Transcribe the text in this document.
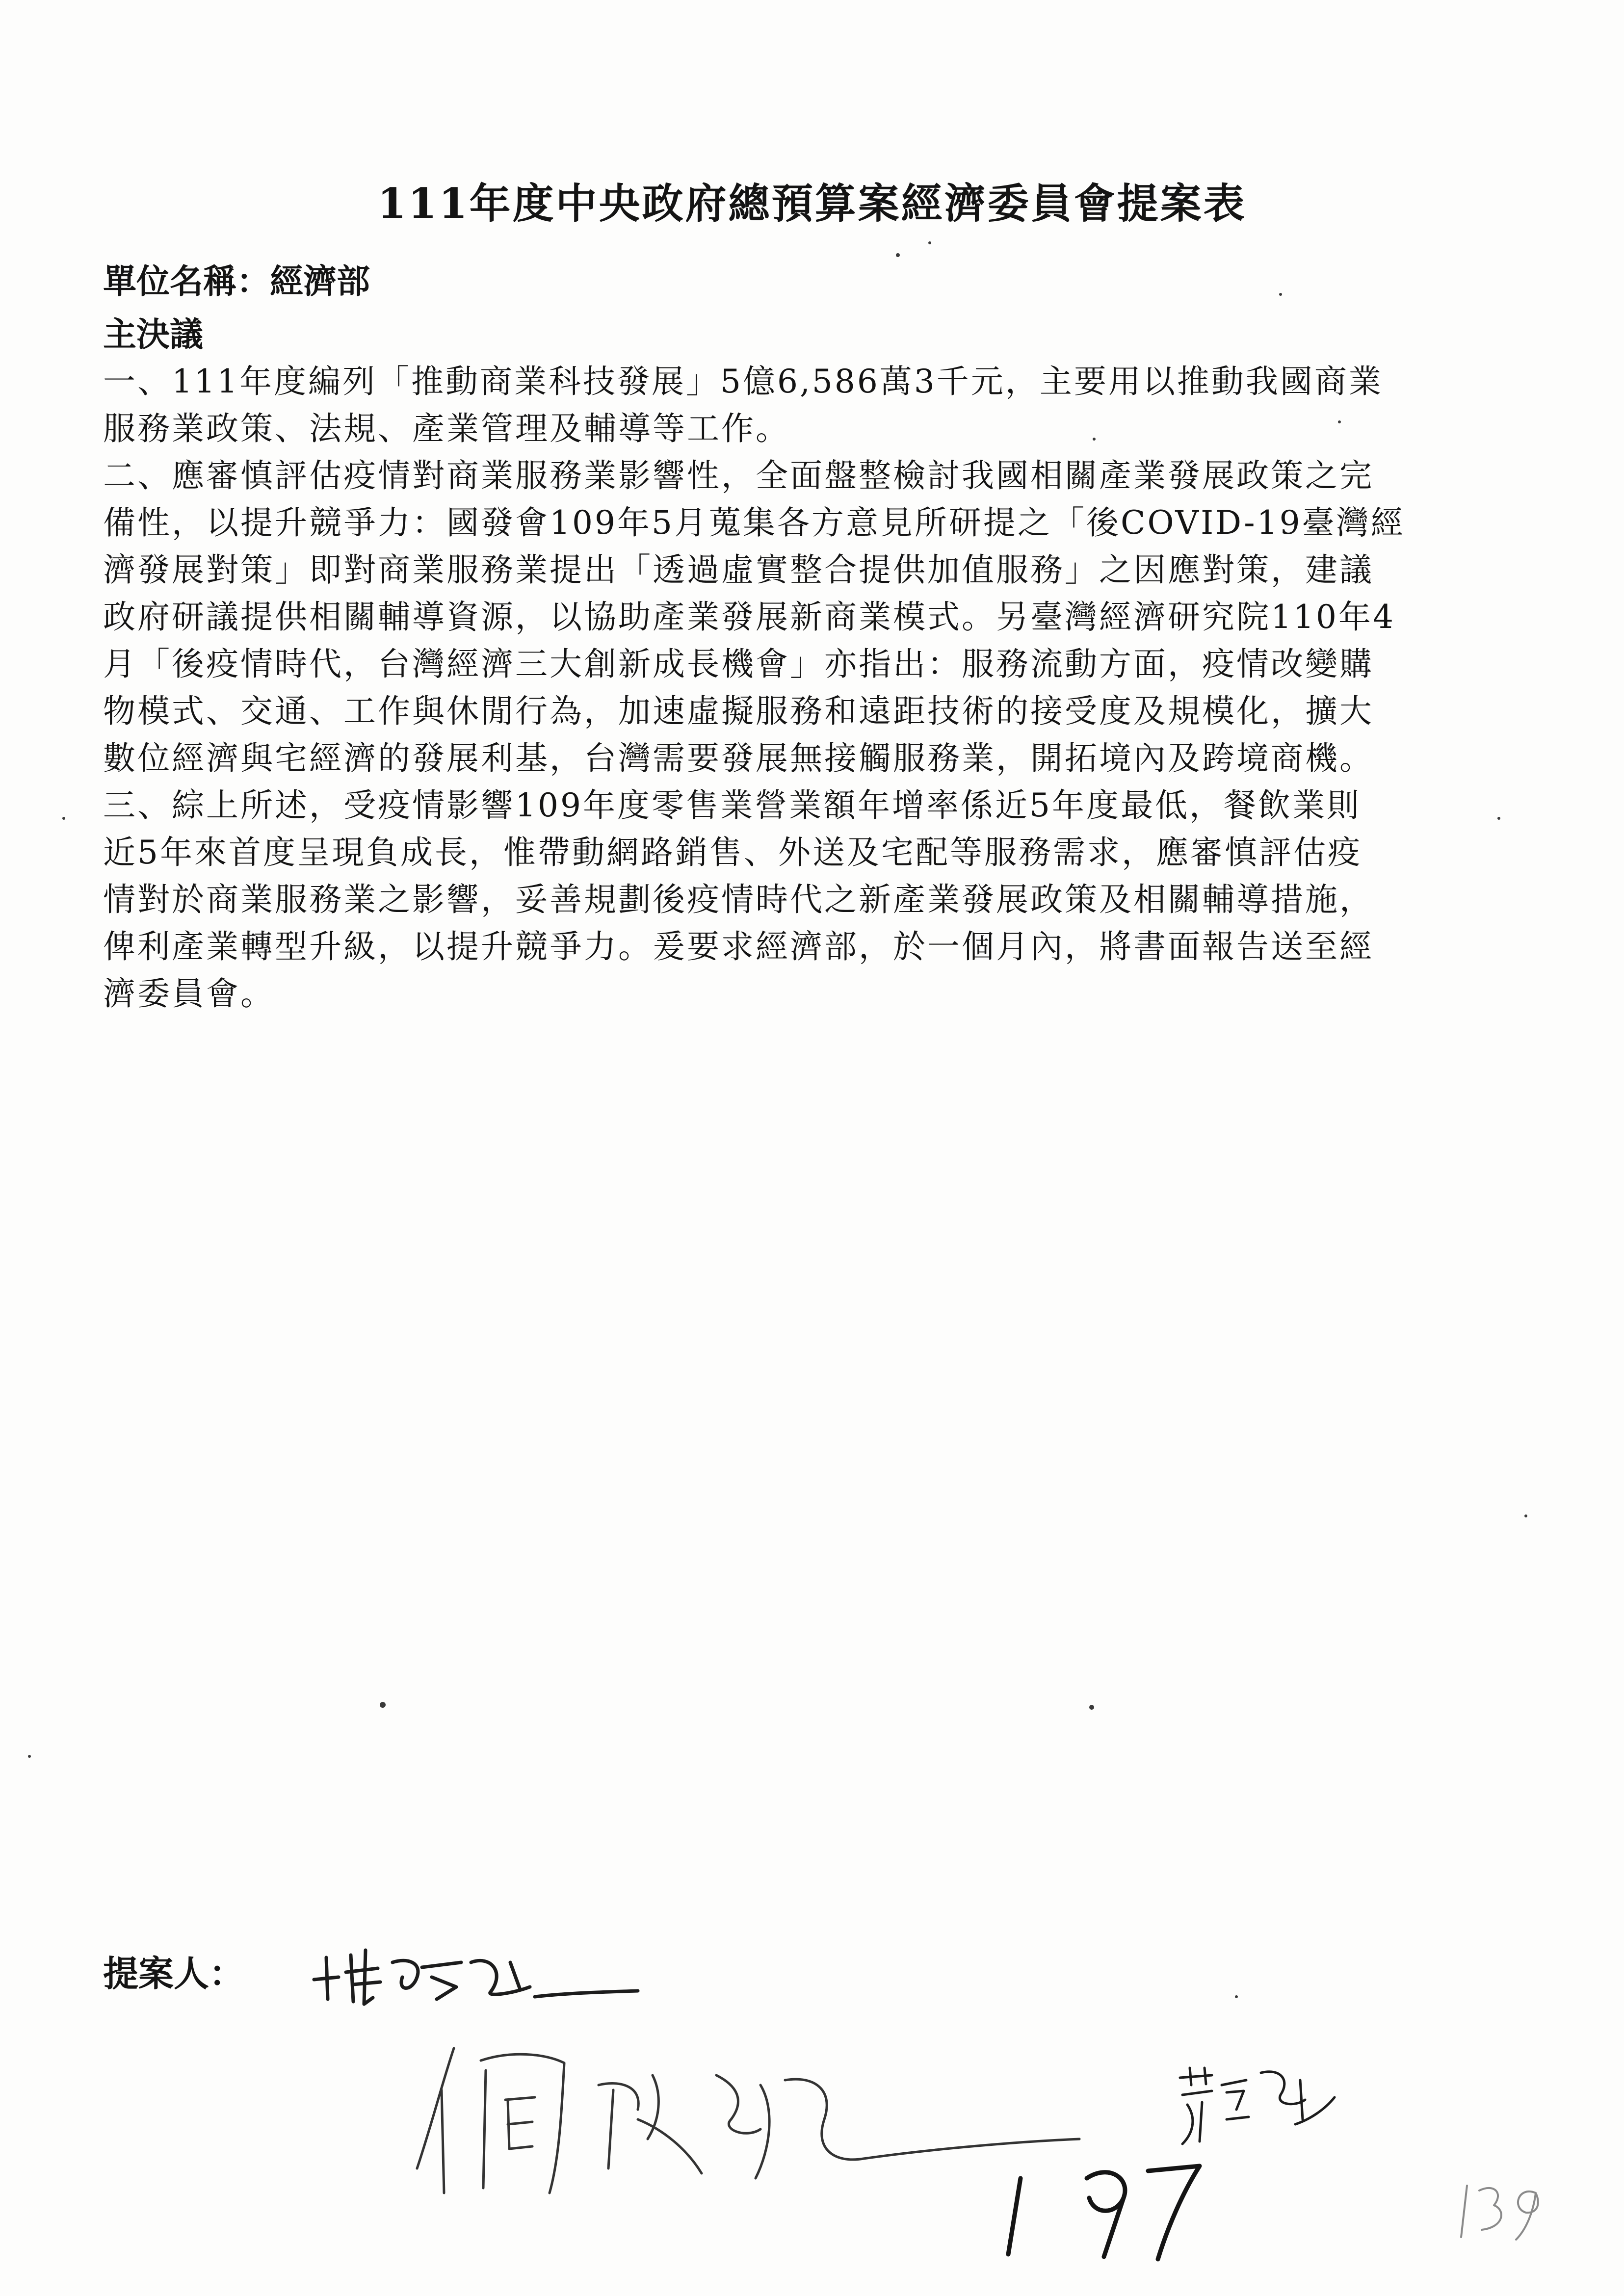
111年度中央政府總預算案經濟委員會提案表
單位名稱：經濟部
主決議
一、111年度編列「推動商業科技發展」5億6,586萬3千元，主要用以推動我國商業
服務業政策、法規、產業管理及輔導等工作。
二、應審慎評估疫情對商業服務業影響性，全面盤整檢討我國相關產業發展政策之完
備性，以提升競爭力：國發會109年5月蒐集各方意見所研提之「後COVID-19臺灣經
濟發展對策」即對商業服務業提出「透過虛實整合提供加值服務」之因應對策，建議
政府研議提供相關輔導資源，以協助產業發展新商業模式。另臺灣經濟研究院110年4
月「後疫情時代，台灣經濟三大創新成長機會」亦指出：服務流動方面，疫情改變購
物模式、交通、工作與休閒行為，加速虛擬服務和遠距技術的接受度及規模化，擴大
數位經濟與宅經濟的發展利基，台灣需要發展無接觸服務業，開拓境內及跨境商機。
三、綜上所述，受疫情影響109年度零售業營業額年增率係近5年度最低，餐飲業則
近5年來首度呈現負成長，惟帶動網路銷售、外送及宅配等服務需求，應審慎評估疫
情對於商業服務業之影響，妥善規劃後疫情時代之新產業發展政策及相關輔導措施，
俾利產業轉型升級，以提升競爭力。爰要求經濟部，於一個月內，將書面報告送至經
濟委員會。
提案人：
